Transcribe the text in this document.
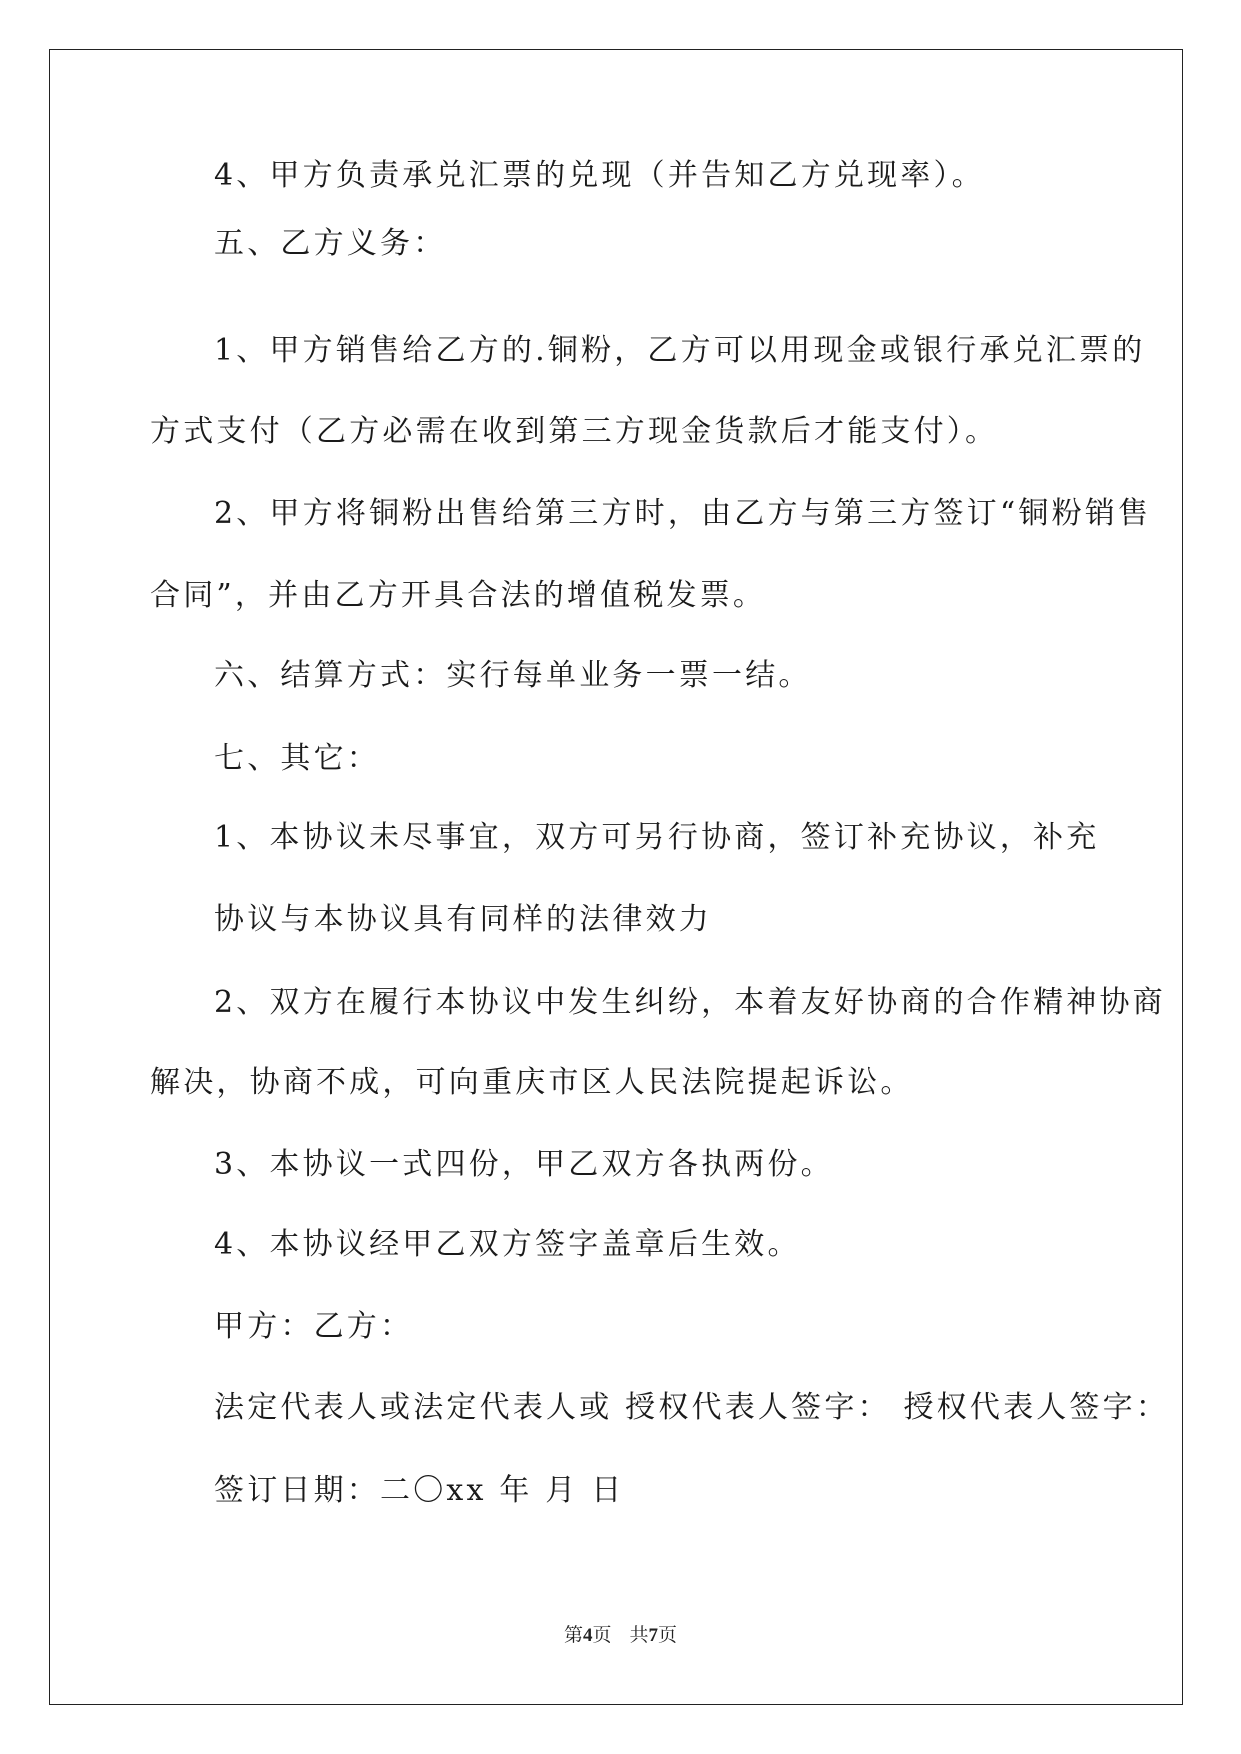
4、甲方负责承兑汇票的兑现（并告知乙方兑现率）。
五、乙方义务：
1、甲方销售给乙方的.铜粉，乙方可以用现金或银行承兑汇票的
方式支付（乙方必需在收到第三方现金货款后才能支付）。
2、甲方将铜粉出售给第三方时，由乙方与第三方签订“铜粉销售
合同”，并由乙方开具合法的增值税发票。
六、结算方式：实行每单业务一票一结。
七、其它：
1、本协议未尽事宜，双方可另行协商，签订补充协议，补充
协议与本协议具有同样的法律效力
2、双方在履行本协议中发生纠纷，本着友好协商的合作精神协商
解决，协商不成，可向重庆市区人民法院提起诉讼。
3、本协议一式四份，甲乙双方各执两份。
4、本协议经甲乙双方签字盖章后生效。
甲方：乙方：
法定代表人或法定代表人或 授权代表人签字： 授权代表人签字：
签订日期：二〇xx 年 月 日
第4页 共7页
